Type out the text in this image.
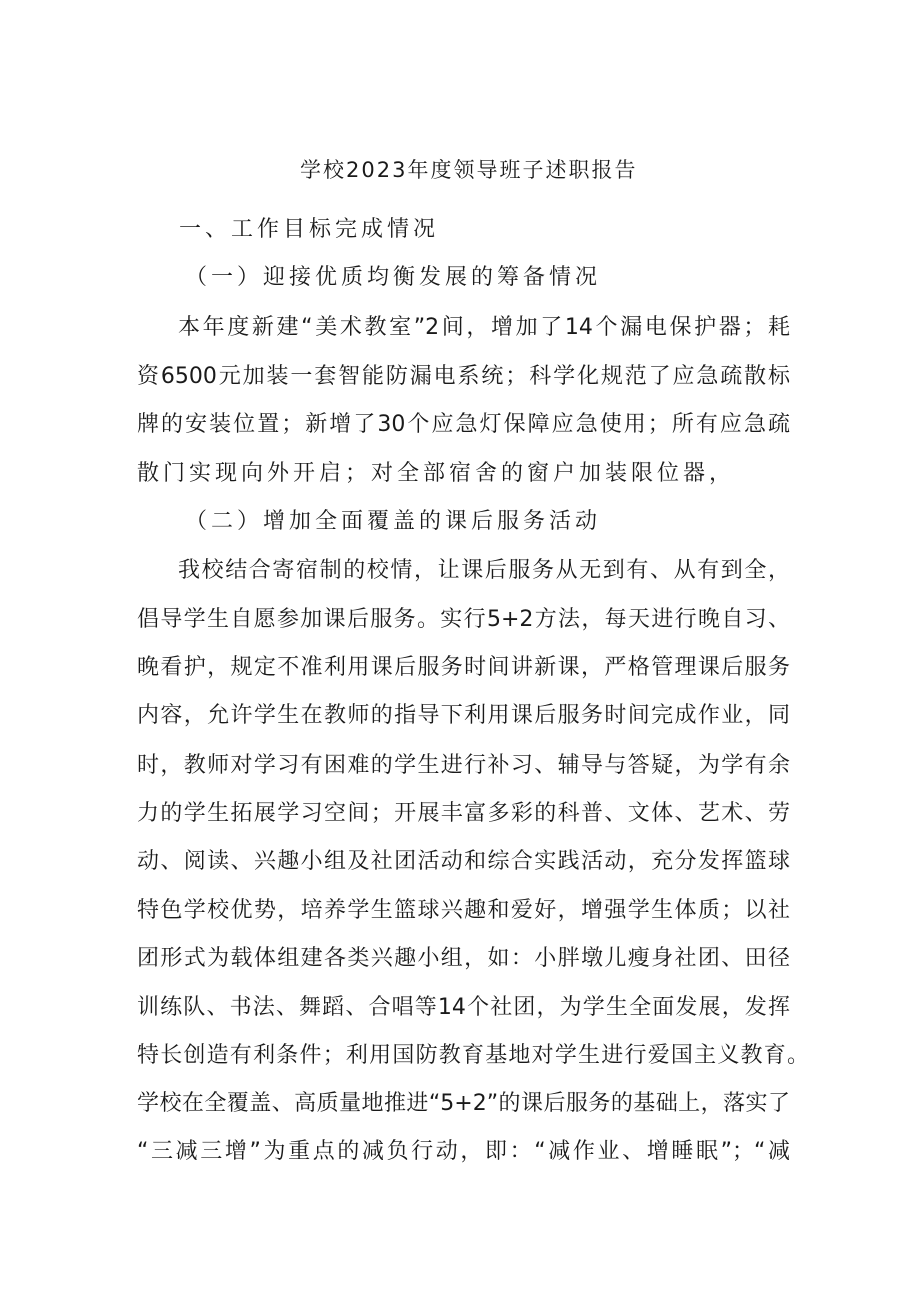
学校2023年度领导班子述职报告
一、工作目标完成情况
（一）迎接优质均衡发展的筹备情况
本年度新建“美术教室”2间，增加了14个漏电保护器；耗
资6500元加装一套智能防漏电系统；科学化规范了应急疏散标
牌的安装位置；新增了30个应急灯保障应急使用；所有应急疏
散门实现向外开启；对全部宿舍的窗户加装限位器，
（二）增加全面覆盖的课后服务活动
我校结合寄宿制的校情，让课后服务从无到有、从有到全，
倡导学生自愿参加课后服务。实行5+2方法，每天进行晚自习、
晚看护，规定不准利用课后服务时间讲新课，严格管理课后服务
内容，允许学生在教师的指导下利用课后服务时间完成作业，同
时，教师对学习有困难的学生进行补习、辅导与答疑，为学有余
力的学生拓展学习空间；开展丰富多彩的科普、文体、艺术、劳
动、阅读、兴趣小组及社团活动和综合实践活动，充分发挥篮球
特色学校优势，培养学生篮球兴趣和爱好，增强学生体质；以社
团形式为载体组建各类兴趣小组，如：小胖墩儿瘦身社团、田径
训练队、书法、舞蹈、合唱等14个社团，为学生全面发展，发挥
特长创造有利条件；利用国防教育基地对学生进行爱国主义教育。
学校在全覆盖、高质量地推进“5+2”的课后服务的基础上，落实了
“三减三增”为重点的减负行动，即：“减作业、增睡眠”；“减
